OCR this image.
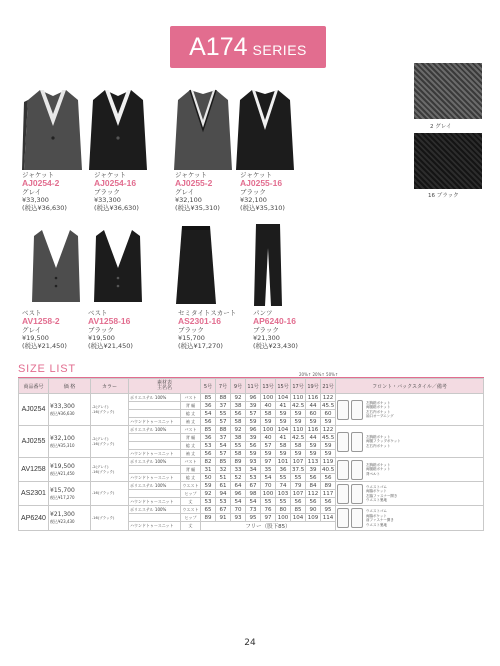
A174 SERIES
ジャケット
AJ0254-2
グレイ
¥33,300
(税込¥36,630)
ジャケット
AJ0254-16
ブラック
¥33,300
(税込¥36,630)
ジャケット
AJ0255-2
グレイ
¥32,100
(税込¥35,310)
ジャケット
AJ0255-16
ブラック
¥32,100
(税込¥35,310)
2 グレイ
16 ブラック
ベスト
AV1258-2
グレイ
¥19,500
(税込¥21,450)
ベスト
AV1258-16
ブラック
¥19,500
(税込¥21,450)
セミタイトスカート
AS2301-16
ブラック
¥15,700
(税込¥17,270)
パンツ
AP6240-16
ブラック
¥21,300
(税込¥23,430)
SIZE LIST	20%↑ 20%↑ 50%↑
商品番号	価 格	カラー	素材表
主名名		5号	7号	9号	11号	13号	15号	17号	19号	21号	フロント・バックスタイル／備考
AJ0254	¥33,300
税込¥36,630	-2(グレイ)
-16(ブラック)	ポリエステル 100%	バスト	85	88	92	96	100	104	110	116	122	左胸箱ポケット
両腰箱ポケット
左右内ポケット
袖口オープニング

				背 幅	36	37	38	39	40	41	42.5	44	45.5	
				総 丈	54	55	56	57	58	59	59	60	60	
			ハウンドトゥースニット	袖 丈	56	57	58	59	59	59	59	59	59	
AJ0255	¥32,100
税込¥35,310	-2(グレイ)
-16(ブラック)	ポリエステル 100%	バスト	85	88	92	96	100	104	110	116	122	左胸箱ポケット
両腰フラップポケット
左右内ポケット

				背 幅	36	37	38	39	40	41	42.5	44	45.5	
				総 丈	53	54	55	56	57	58	58	59	59	
			ハウンドトゥースニット	袖 丈	56	57	58	59	59	59	59	59	59	
AV1258	¥19,500
税込¥21,450	-2(グレイ)
-16(ブラック)	ポリエステル 100%	バスト	82	85	89	93	97	101	107	113	119	左胸箱ポケット
両腰箱ポケット
背ベルト

				背 幅	31	32	33	34	35	36	37.5	39	40.5	
			ハウンドトゥースニット	総 丈	50	51	52	53	54	55	55	56	56	
AS2301	¥15,700
税込¥17,270	-16(ブラック)	ポリエステル 100%	ウエスト	59	61	64	67	70	74	79	84	89	ウエストゴム
両脇ポケット
左脇ファスナー開き
ウエスト裏地

				ヒップ	92	94	96	98	100	103	107	112	117	
			ハウンドトゥースニット	丈	53	53	54	54	55	55	56	56	56	
AP6240	¥21,300
税込¥23,430	-16(ブラック)	ポリエステル 100%	ウエスト	65	67	70	73	76	80	85	90	95	ウエストゴム
両脇ポケット
前ファスナー開き
ウエスト裏地

				ヒップ	89	91	93	95	97	100	104	109	114	
			ハウンドトゥースニット	丈	フリー（股下85）									
24
